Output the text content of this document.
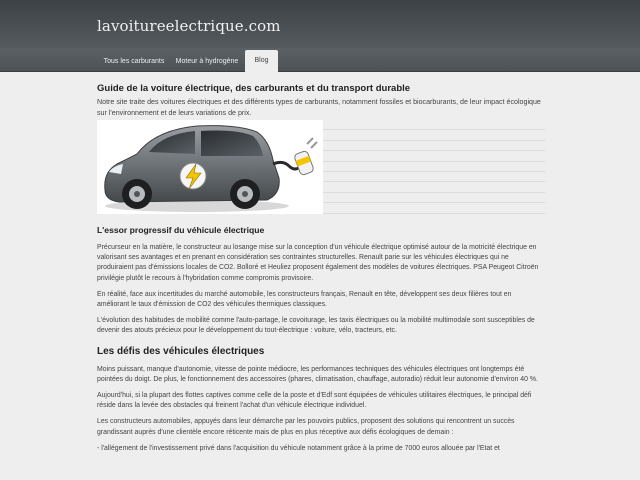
lavoitureelectrique.com
Tous les carburants	Moteur à hydrogène	Blog
Guide de la voiture électrique, des carburants et du transport durable

Notre site traite des voitures électriques et des différents types de carburants, notamment fossiles et biocarburants, de leur impact écologique sur l'environnement et de leurs variations de prix.

L'essor progressif du véhicule électrique

Précurseur en la matière, le constructeur au losange mise sur la conception d'un véhicule électrique optimisé autour de la motricité électrique en valorisant ses avantages et en prenant en considération ses contraintes structurelles. Renault parie sur les véhicules électriques qui ne produiraient pas d'émissions locales de CO2. Bolloré et Heuliez proposent également des modèles de voitures électriques. PSA Peugeot Citroën privilégie plutôt le recours à l'hybridation comme compromis provisoire.

En réalité, face aux incertitudes du marché automobile, les constructeurs français, Renault en tête, développent ses deux filières tout en améliorant le taux d'émission de CO2 des véhicules thermiques classiques.

L'évolution des habitudes de mobilité comme l'auto-partage, le covoiturage, les taxis électriques ou la mobilité multimodale sont susceptibles de devenir des atouts précieux pour le développement du tout-électrique : voiture, vélo, tracteurs, etc.

Les défis des véhicules électriques

Moins puissant, manque d'autonomie, vitesse de pointe médiocre, les performances techniques des véhicules électriques ont longtemps été pointées du doigt. De plus, le fonctionnement des accessoires (phares, climatisation, chauffage, autoradio) réduit leur autonomie d'environ 40 %.

Aujourd'hui, si la plupart des flottes captives comme celle de la poste et d'Edf sont équipées de véhicules utilitaires électriques, le principal défi réside dans la levée des obstacles qui freinent l'achat d'un véhicule électrique individuel.

Les constructeurs automobiles, appuyés dans leur démarche par les pouvoirs publics, proposent des solutions qui rencontrent un succès grandissant auprès d'une clientèle encore réticente mais de plus en plus réceptive aux défis écologiques de demain :

- l'allégement de l'investissement privé dans l'acquisition du véhicule notamment grâce à la prime de 7000 euros allouée par l'Etat et
